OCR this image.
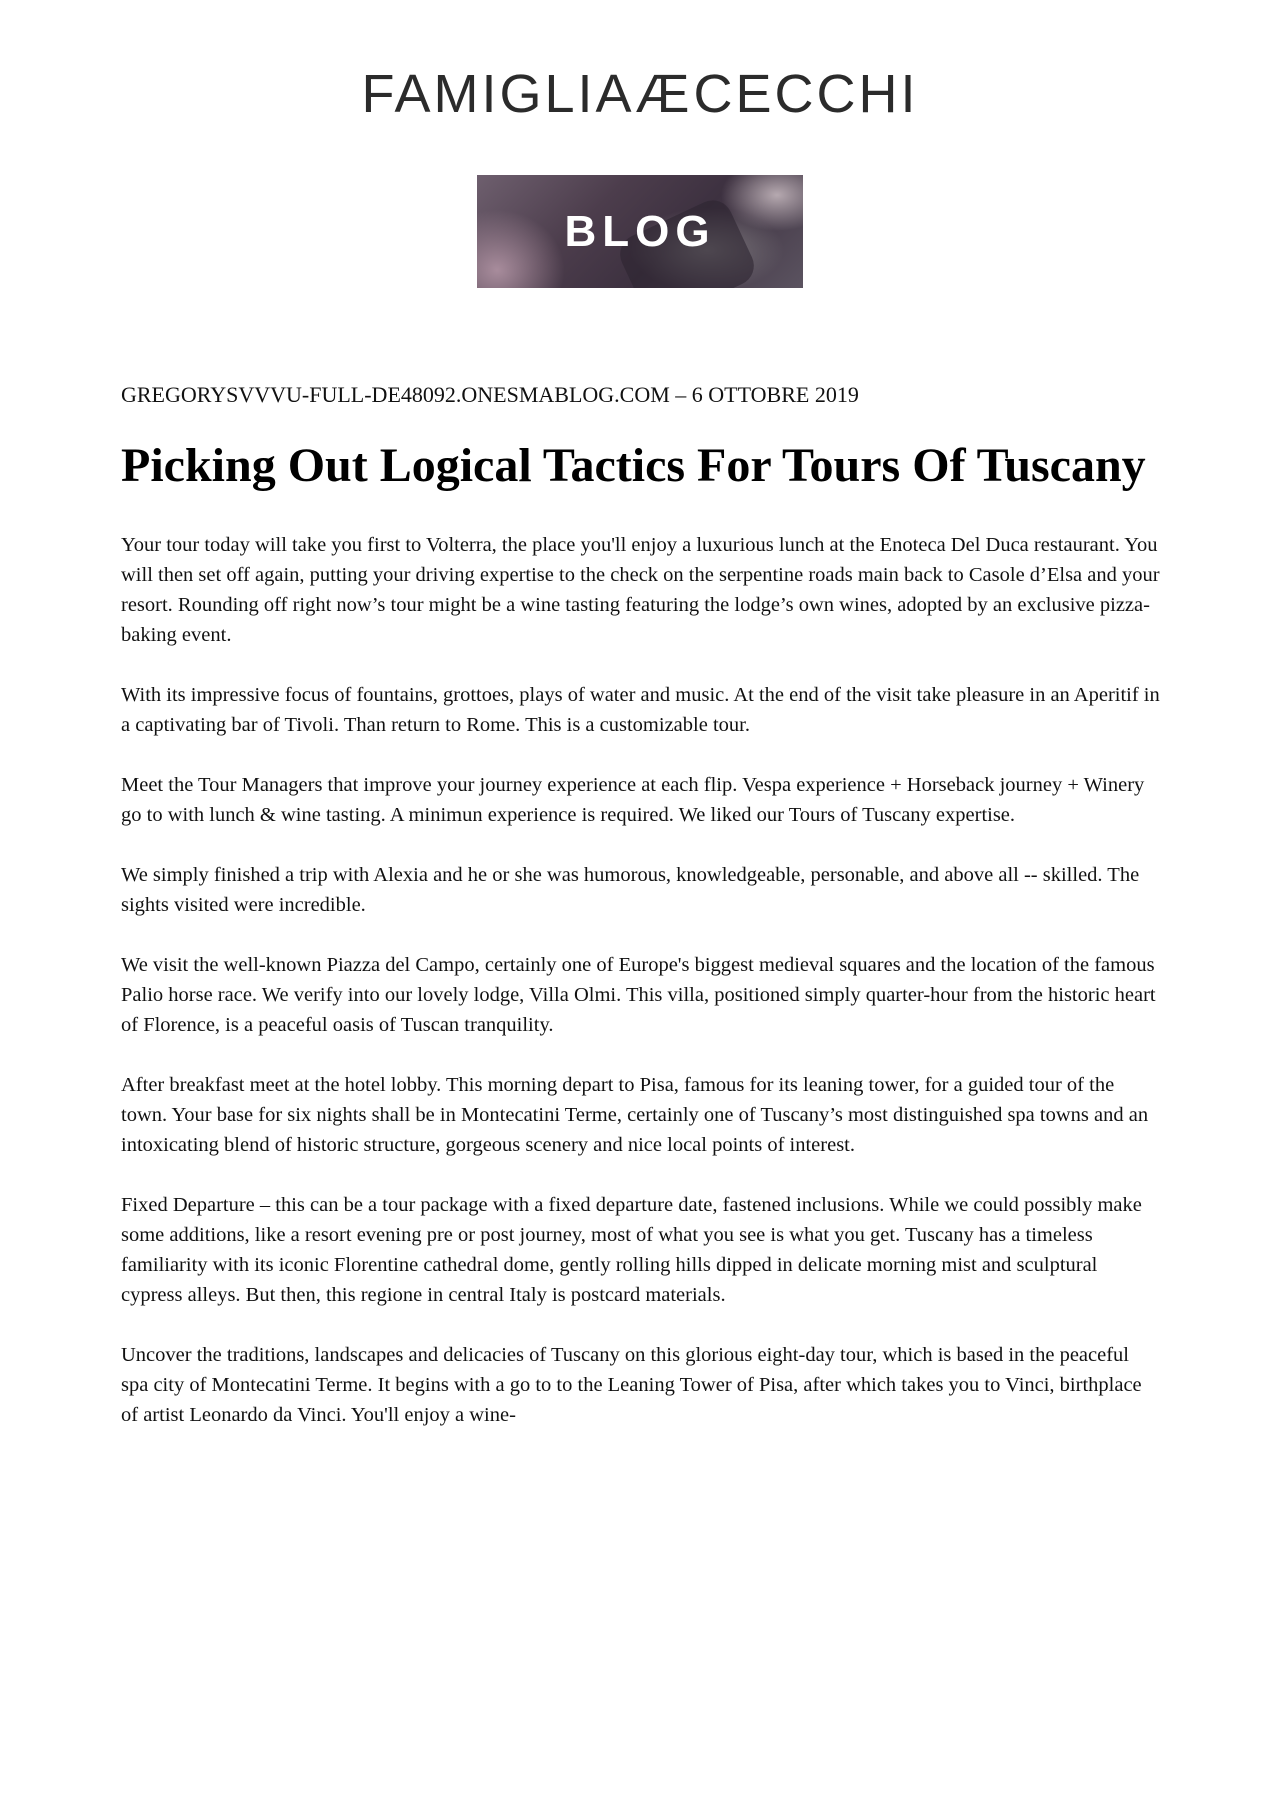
FAMIGLIAÆCECCHI
BLOG

GREGORYSVVVU-FULL-DE48092.ONESMABLOG.COM – 6 OTTOBRE 2019

Picking Out Logical Tactics For Tours Of Tuscany

Your tour today will take you first to Volterra, the place you'll enjoy a luxurious lunch at the Enoteca Del Duca restaurant. You will then set off again, putting your driving expertise to the check on the serpentine roads main back to Casole d’Elsa and your resort. Rounding off right now’s tour might be a wine tasting featuring the lodge’s own wines, adopted by an exclusive pizza-baking event.

With its impressive focus of fountains, grottoes, plays of water and music. At the end of the visit take pleasure in an Aperitif in a captivating bar of Tivoli. Than return to Rome. This is a customizable tour.

Meet the Tour Managers that improve your journey experience at each flip. Vespa experience + Horseback journey + Winery go to with lunch & wine tasting. A minimun experience is required. We liked our Tours of Tuscany expertise.

We simply finished a trip with Alexia and he or she was humorous, knowledgeable, personable, and above all -- skilled. The sights visited were incredible.

We visit the well-known Piazza del Campo, certainly one of Europe's biggest medieval squares and the location of the famous Palio horse race. We verify into our lovely lodge, Villa Olmi. This villa, positioned simply quarter-hour from the historic heart of Florence, is a peaceful oasis of Tuscan tranquility.

After breakfast meet at the hotel lobby. This morning depart to Pisa, famous for its leaning tower, for a guided tour of the town. Your base for six nights shall be in Montecatini Terme, certainly one of Tuscany’s most distinguished spa towns and an intoxicating blend of historic structure, gorgeous scenery and nice local points of interest.

Fixed Departure – this can be a tour package with a fixed departure date, fastened inclusions. While we could possibly make some additions, like a resort evening pre or post journey, most of what you see is what you get. Tuscany has a timeless familiarity with its iconic Florentine cathedral dome, gently rolling hills dipped in delicate morning mist and sculptural cypress alleys. But then, this regione in central Italy is postcard materials.

Uncover the traditions, landscapes and delicacies of Tuscany on this glorious eight-day tour, which is based in the peaceful spa city of Montecatini Terme. It begins with a go to to the Leaning Tower of Pisa, after which takes you to Vinci, birthplace of artist Leonardo da Vinci. You'll enjoy a wine-
